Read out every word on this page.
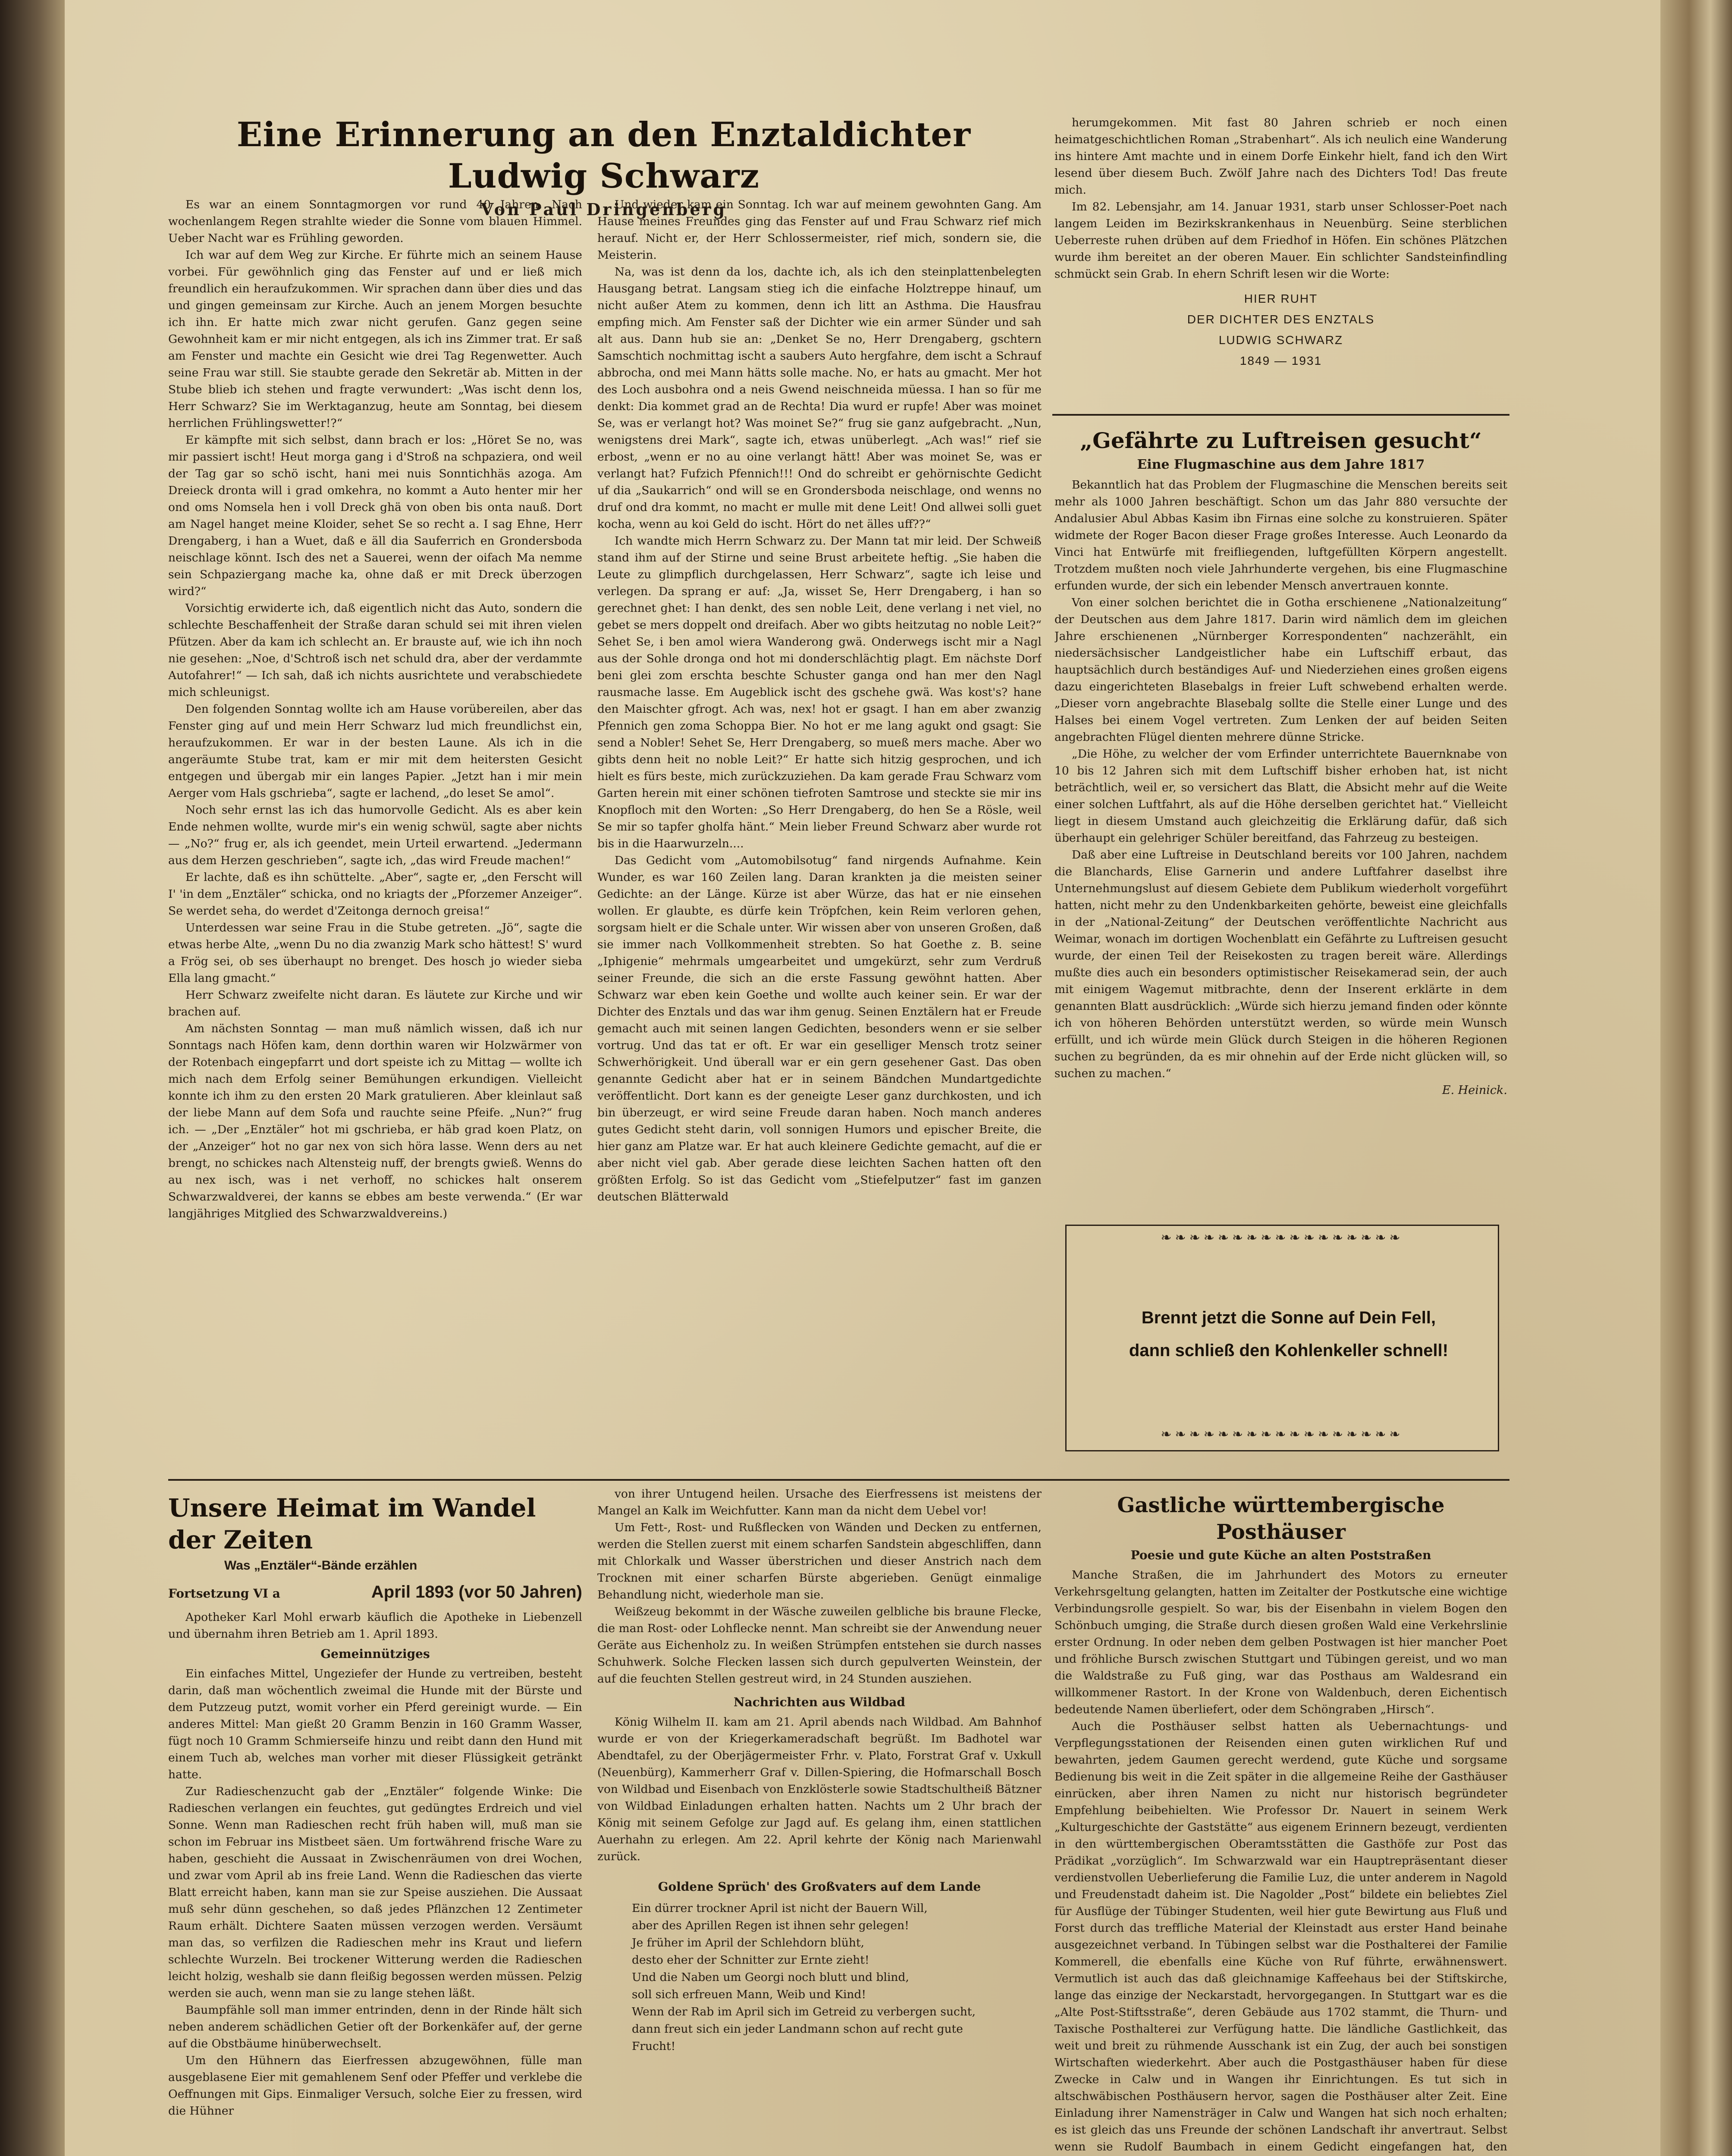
Eine Erinnerung an den Enztaldichter Ludwig Schwarz
Von Paul Dringenberg

Es war an einem Sonntagmorgen vor rund 40 Jahren. Nach wochenlangem Regen strahlte wieder die Sonne vom blauen Himmel. Ueber Nacht war es Frühling geworden.

Ich war auf dem Weg zur Kirche. Er führte mich an seinem Hause vorbei. Für gewöhnlich ging das Fenster auf und er ließ mich freundlich ein heraufzukommen. Wir sprachen dann über dies und das und gingen gemeinsam zur Kirche. Auch an jenem Morgen besuchte ich ihn. Er hatte mich zwar nicht gerufen. Ganz gegen seine Gewohnheit kam er mir nicht entgegen, als ich ins Zimmer trat. Er saß am Fenster und machte ein Gesicht wie drei Tag Regenwetter. Auch seine Frau war still. Sie staubte gerade den Sekretär ab. Mitten in der Stube blieb ich stehen und fragte verwundert: „Was ischt denn los, Herr Schwarz? Sie im Werktaganzug, heute am Sonntag, bei diesem herrlichen Frühlingswetter!?“

Er kämpfte mit sich selbst, dann brach er los: „Höret Se no, was mir passiert ischt! Heut morga gang i d'Stroß na schpaziera, ond weil der Tag gar so schö ischt, hani mei nuis Sonntichhäs azoga. Am Dreieck dronta will i grad omkehra, no kommt a Auto henter mir her ond oms Nomsela hen i voll Dreck ghä von oben bis onta nauß. Dort am Nagel hanget meine Kloider, sehet Se so recht a. I sag Ehne, Herr Drengaberg, i han a Wuet, daß e äll dia Sauferrich en Grondersboda neischlage könnt. Isch des net a Sauerei, wenn der oifach Ma nemme sein Schpaziergang mache ka, ohne daß er mit Dreck überzogen wird?“

Vorsichtig erwiderte ich, daß eigentlich nicht das Auto, sondern die schlechte Beschaffenheit der Straße daran schuld sei mit ihren vielen Pfützen. Aber da kam ich schlecht an. Er brauste auf, wie ich ihn noch nie gesehen: „Noe, d'Schtroß isch net schuld dra, aber der verdammte Autofahrer!“ — Ich sah, daß ich nichts ausrichtete und verabschiedete mich schleunigst.

Den folgenden Sonntag wollte ich am Hause vorübereilen, aber das Fenster ging auf und mein Herr Schwarz lud mich freundlichst ein, heraufzukommen. Er war in der besten Laune. Als ich in die angeräumte Stube trat, kam er mir mit dem heitersten Gesicht entgegen und übergab mir ein langes Papier. „Jetzt han i mir mein Aerger vom Hals gschrieba“, sagte er lachend, „do leset Se amol“.

Noch sehr ernst las ich das humorvolle Gedicht. Als es aber kein Ende nehmen wollte, wurde mir's ein wenig schwül, sagte aber nichts — „No?“ frug er, als ich geendet, mein Urteil erwartend. „Jedermann aus dem Herzen geschrieben“, sagte ich, „das wird Freude machen!“

Er lachte, daß es ihn schüttelte. „Aber“, sagte er, „den Ferscht will I' 'in dem „Enztäler“ schicka, ond no kriagts der „Pforzemer Anzeiger“. Se werdet seha, do werdet d'Zeitonga dernoch greisa!“

Unterdessen war seine Frau in die Stube getreten. „Jö“, sagte die etwas herbe Alte, „wenn Du no dia zwanzig Mark scho hättest! S' wurd a Frög sei, ob ses überhaupt no brenget. Des hosch jo wieder sieba Ella lang gmacht.“

Herr Schwarz zweifelte nicht daran. Es läutete zur Kirche und wir brachen auf.

Am nächsten Sonntag — man muß nämlich wissen, daß ich nur Sonntags nach Höfen kam, denn dorthin waren wir Holzwärmer von der Rotenbach eingepfarrt und dort speiste ich zu Mittag — wollte ich mich nach dem Erfolg seiner Bemühungen erkundigen. Vielleicht konnte ich ihm zu den ersten 20 Mark gratulieren. Aber kleinlaut saß der liebe Mann auf dem Sofa und rauchte seine Pfeife. „Nun?“ frug ich. — „Der „Enztäler“ hot mi gschrieba, er häb grad koen Platz, on der „Anzeiger“ hot no gar nex von sich höra lasse. Wenn ders au net brengt, no schickes nach Altensteig nuff, der brengts gwieß. Wenns do au nex isch, was i net verhoff, no schickes halt onserem Schwarzwaldverei, der kanns se ebbes am beste verwenda.“ (Er war langjähriges Mitglied des Schwarzwaldvereins.)

Und wieder kam ein Sonntag. Ich war auf meinem gewohnten Gang. Am Hause meines Freundes ging das Fenster auf und Frau Schwarz rief mich herauf. Nicht er, der Herr Schlossermeister, rief mich, sondern sie, die Meisterin.

Na, was ist denn da los, dachte ich, als ich den steinplattenbelegten Hausgang betrat. Langsam stieg ich die einfache Holztreppe hinauf, um nicht außer Atem zu kommen, denn ich litt an Asthma. Die Hausfrau empfing mich. Am Fenster saß der Dichter wie ein armer Sünder und sah alt aus. Dann hub sie an: „Denket Se no, Herr Drengaberg, gschtern Samschtich nochmittag ischt a saubers Auto hergfahre, dem ischt a Schrauf abbrocha, ond mei Mann hätts solle mache. No, er hats au gmacht. Mer hot des Loch ausbohra ond a neis Gwend neischneida müessa. I han so für me denkt: Dia kommet grad an de Rechta! Dia wurd er rupfe! Aber was moinet Se, was er verlangt hot? Was moinet Se?“ frug sie ganz aufgebracht. „Nun, wenigstens drei Mark“, sagte ich, etwas unüberlegt. „Ach was!“ rief sie erbost, „wenn er no au oine verlangt hätt! Aber was moinet Se, was er verlangt hat? Fufzich Pfennich!!! Ond do schreibt er gehörnischte Gedicht uf dia „Saukarrich“ ond will se en Grondersboda neischlage, ond wenns no druf ond dra kommt, no macht er mulle mit dene Leit! Ond allwei solli guet kocha, wenn au koi Geld do ischt. Hört do net älles uff??“

Ich wandte mich Herrn Schwarz zu. Der Mann tat mir leid. Der Schweiß stand ihm auf der Stirne und seine Brust arbeitete heftig. „Sie haben die Leute zu glimpflich durchgelassen, Herr Schwarz“, sagte ich leise und verlegen. Da sprang er auf: „Ja, wisset Se, Herr Drengaberg, i han so gerechnet ghet: I han denkt, des sen noble Leit, dene verlang i net viel, no gebet se mers doppelt ond dreifach. Aber wo gibts heitzutag no noble Leit?“ Sehet Se, i ben amol wiera Wanderong gwä. Onderwegs ischt mir a Nagl aus der Sohle dronga ond hot mi donderschlächtig plagt. Em nächste Dorf beni glei zom erschta beschte Schuster ganga ond han mer den Nagl rausmache lasse. Em Augeblick ischt des gschehe gwä. Was kost's? hane den Maischter gfrogt. Ach was, nex! hot er gsagt. I han em aber zwanzig Pfennich gen zoma Schoppa Bier. No hot er me lang agukt ond gsagt: Sie send a Nobler! Sehet Se, Herr Drengaberg, so mueß mers mache. Aber wo gibts denn heit no noble Leit?“ Er hatte sich hitzig gesprochen, und ich hielt es fürs beste, mich zurückzuziehen. Da kam gerade Frau Schwarz vom Garten herein mit einer schönen tiefroten Samtrose und steckte sie mir ins Knopfloch mit den Worten: „So Herr Drengaberg, do hen Se a Rösle, weil Se mir so tapfer gholfa hänt.“ Mein lieber Freund Schwarz aber wurde rot bis in die Haarwurzeln....

Das Gedicht vom „Automobilsotug“ fand nirgends Aufnahme. Kein Wunder, es war 160 Zeilen lang. Daran krankten ja die meisten seiner Gedichte: an der Länge. Kürze ist aber Würze, das hat er nie einsehen wollen. Er glaubte, es dürfe kein Tröpfchen, kein Reim verloren gehen, sorgsam hielt er die Schale unter. Wir wissen aber von unseren Großen, daß sie immer nach Vollkommenheit strebten. So hat Goethe z. B. seine „Iphigenie“ mehrmals umgearbeitet und umgekürzt, sehr zum Verdruß seiner Freunde, die sich an die erste Fassung gewöhnt hatten. Aber Schwarz war eben kein Goethe und wollte auch keiner sein. Er war der Dichter des Enztals und das war ihm genug. Seinen Enztälern hat er Freude gemacht auch mit seinen langen Gedichten, besonders wenn er sie selber vortrug. Und das tat er oft. Er war ein geselliger Mensch trotz seiner Schwerhörigkeit. Und überall war er ein gern gesehener Gast. Das oben genannte Gedicht aber hat er in seinem Bändchen Mundartgedichte veröffentlicht. Dort kann es der geneigte Leser ganz durchkosten, und ich bin überzeugt, er wird seine Freude daran haben. Noch manch anderes gutes Gedicht steht darin, voll sonnigen Humors und epischer Breite, die hier ganz am Platze war. Er hat auch kleinere Gedichte gemacht, auf die er aber nicht viel gab. Aber gerade diese leichten Sachen hatten oft den größten Erfolg. So ist das Gedicht vom „Stiefelputzer“ fast im ganzen deutschen Blätterwald

herumgekommen. Mit fast 80 Jahren schrieb er noch einen heimatgeschichtlichen Roman „Strabenhart“. Als ich neulich eine Wanderung ins hintere Amt machte und in einem Dorfe Einkehr hielt, fand ich den Wirt lesend über diesem Buch. Zwölf Jahre nach des Dichters Tod! Das freute mich.

Im 82. Lebensjahr, am 14. Januar 1931, starb unser Schlosser-Poet nach langem Leiden im Bezirkskrankenhaus in Neuenbürg. Seine sterblichen Ueberreste ruhen drüben auf dem Friedhof in Höfen. Ein schönes Plätzchen wurde ihm bereitet an der oberen Mauer. Ein schlichter Sandsteinfindling schmückt sein Grab. In ehern Schrift lesen wir die Worte:

HIER RUHT
DER DICHTER DES ENZTALS
LUDWIG SCHWARZ
1849 — 1931
„Gefährte zu Luftreisen gesucht“
Eine Flugmaschine aus dem Jahre 1817

Bekanntlich hat das Problem der Flugmaschine die Menschen bereits seit mehr als 1000 Jahren beschäftigt. Schon um das Jahr 880 versuchte der Andalusier Abul Abbas Kasim ibn Firnas eine solche zu konstruieren. Später widmete der Roger Bacon dieser Frage großes Interesse. Auch Leonardo da Vinci hat Entwürfe mit freifliegenden, luftgefüllten Körpern angestellt. Trotzdem mußten noch viele Jahrhunderte vergehen, bis eine Flugmaschine erfunden wurde, der sich ein lebender Mensch anvertrauen konnte.

Von einer solchen berichtet die in Gotha erschienene „Nationalzeitung“ der Deutschen aus dem Jahre 1817. Darin wird nämlich dem im gleichen Jahre erschienenen „Nürnberger Korrespondenten“ nachzerählt, ein niedersächsischer Landgeistlicher habe ein Luftschiff erbaut, das hauptsächlich durch beständiges Auf- und Niederziehen eines großen eigens dazu eingerichteten Blasebalgs in freier Luft schwebend erhalten werde. „Dieser vorn angebrachte Blasebalg sollte die Stelle einer Lunge und des Halses bei einem Vogel vertreten. Zum Lenken der auf beiden Seiten angebrachten Flügel dienten mehrere dünne Stricke.

„Die Höhe, zu welcher der vom Erfinder unterrichtete Bauernknabe von 10 bis 12 Jahren sich mit dem Luftschiff bisher erhoben hat, ist nicht beträchtlich, weil er, so versichert das Blatt, die Absicht mehr auf die Weite einer solchen Luftfahrt, als auf die Höhe derselben gerichtet hat.“ Vielleicht liegt in diesem Umstand auch gleichzeitig die Erklärung dafür, daß sich überhaupt ein gelehriger Schüler bereitfand, das Fahrzeug zu besteigen.

Daß aber eine Luftreise in Deutschland bereits vor 100 Jahren, nachdem die Blanchards, Elise Garnerin und andere Luftfahrer daselbst ihre Unternehmungslust auf diesem Gebiete dem Publikum wiederholt vorgeführt hatten, nicht mehr zu den Undenkbarkeiten gehörte, beweist eine gleichfalls in der „National-Zeitung“ der Deutschen veröffentlichte Nachricht aus Weimar, wonach im dortigen Wochenblatt ein Gefährte zu Luftreisen gesucht wurde, der einen Teil der Reisekosten zu tragen bereit wäre. Allerdings mußte dies auch ein besonders optimistischer Reisekamerad sein, der auch mit einigem Wagemut mitbrachte, denn der Inserent erklärte in dem genannten Blatt ausdrücklich: „Würde sich hierzu jemand finden oder könnte ich von höheren Behörden unterstützt werden, so würde mein Wunsch erfüllt, und ich würde mein Glück durch Steigen in die höheren Regionen suchen zu begründen, da es mir ohnehin auf der Erde nicht glücken will, so suchen zu machen.“

E. Heinick.
❧❧❧❧❧❧❧❧❧❧❧❧❧❧❧❧❧
Brennt jetzt die Sonne auf Dein Fell,
dann schließ den Kohlenkeller schnell!
❧❧❧❧❧❧❧❧❧❧❧❧❧❧❧❧❧
Unsere Heimat im Wandel der Zeiten
Was „Enztäler“-Bände erzählen
Fortsetzung VI a	April 1893 (vor 50 Jahren)

Apotheker Karl Mohl erwarb käuflich die Apotheke in Liebenzell und übernahm ihren Betrieb am 1. April 1893.

Gemeinnütziges

Ein einfaches Mittel, Ungeziefer der Hunde zu vertreiben, besteht darin, daß man wöchentlich zweimal die Hunde mit der Bürste und dem Putzzeug putzt, womit vorher ein Pferd gereinigt wurde. — Ein anderes Mittel: Man gießt 20 Gramm Benzin in 160 Gramm Wasser, fügt noch 10 Gramm Schmierseife hinzu und reibt dann den Hund mit einem Tuch ab, welches man vorher mit dieser Flüssigkeit getränkt hatte.

Zur Radieschenzucht gab der „Enztäler“ folgende Winke: Die Radieschen verlangen ein feuchtes, gut gedüngtes Erdreich und viel Sonne. Wenn man Radieschen recht früh haben will, muß man sie schon im Februar ins Mistbeet säen. Um fortwährend frische Ware zu haben, geschieht die Aussaat in Zwischenräumen von drei Wochen, und zwar vom April ab ins freie Land. Wenn die Radieschen das vierte Blatt erreicht haben, kann man sie zur Speise ausziehen. Die Aussaat muß sehr dünn geschehen, so daß jedes Pflänzchen 12 Zentimeter Raum erhält. Dichtere Saaten müssen verzogen werden. Versäumt man das, so verfilzen die Radieschen mehr ins Kraut und liefern schlechte Wurzeln. Bei trockener Witterung werden die Radieschen leicht holzig, weshalb sie dann fleißig begossen werden müssen. Pelzig werden sie auch, wenn man sie zu lange stehen läßt.

Baumpfähle soll man immer entrinden, denn in der Rinde hält sich neben anderem schädlichen Getier oft der Borkenkäfer auf, der gerne auf die Obstbäume hinüberwechselt.

Um den Hühnern das Eierfressen abzugewöhnen, fülle man ausgeblasene Eier mit gemahlenem Senf oder Pfeffer und verklebe die Oeffnungen mit Gips. Einmaliger Versuch, solche Eier zu fressen, wird die Hühner

von ihrer Untugend heilen. Ursache des Eierfressens ist meistens der Mangel an Kalk im Weichfutter. Kann man da nicht dem Uebel vor!

Um Fett-, Rost- und Rußflecken von Wänden und Decken zu entfernen, werden die Stellen zuerst mit einem scharfen Sandstein abgeschliffen, dann mit Chlorkalk und Wasser überstrichen und dieser Anstrich nach dem Trocknen mit einer scharfen Bürste abgerieben. Genügt einmalige Behandlung nicht, wiederhole man sie.

Weißzeug bekommt in der Wäsche zuweilen gelbliche bis braune Flecke, die man Rost- oder Lohflecke nennt. Man schreibt sie der Anwendung neuer Geräte aus Eichenholz zu. In weißen Strümpfen entstehen sie durch nasses Schuhwerk. Solche Flecken lassen sich durch gepulverten Weinstein, der auf die feuchten Stellen gestreut wird, in 24 Stunden ausziehen.

Nachrichten aus Wildbad

König Wilhelm II. kam am 21. April abends nach Wildbad. Am Bahnhof wurde er von der Kriegerkameradschaft begrüßt. Im Badhotel war Abendtafel, zu der Oberjägermeister Frhr. v. Plato, Forstrat Graf v. Uxkull (Neuenbürg), Kammerherr Graf v. Dillen-Spiering, die Hofmarschall Bosch von Wildbad und Eisenbach von Enzklösterle sowie Stadtschultheiß Bätzner von Wildbad Einladungen erhalten hatten. Nachts um 2 Uhr brach der König mit seinem Gefolge zur Jagd auf. Es gelang ihm, einen stattlichen Auerhahn zu erlegen. Am 22. April kehrte der König nach Marienwahl zurück.

Goldene Sprüch' des Großvaters auf dem Lande
Ein dürrer trockner April ist nicht der Bauern Will,
aber des Aprillen Regen ist ihnen sehr gelegen!
Je früher im April der Schlehdorn blüht,
desto eher der Schnitter zur Ernte zieht!
Und die Naben um Georgi noch blutt und blind,
soll sich erfreuen Mann, Weib und Kind!
Wenn der Rab im April sich im Getreid zu verbergen sucht,
dann freut sich ein jeder Landmann schon auf recht gute
Frucht!
Gastliche württembergische Posthäuser
Poesie und gute Küche an alten Poststraßen

Manche Straßen, die im Jahrhundert des Motors zu erneuter Verkehrsgeltung gelangten, hatten im Zeitalter der Postkutsche eine wichtige Verbindungsrolle gespielt. So war, bis der Eisenbahn in vielem Bogen den Schönbuch umging, die Straße durch diesen großen Wald eine Verkehrslinie erster Ordnung. In oder neben dem gelben Postwagen ist hier mancher Poet und fröhliche Bursch zwischen Stuttgart und Tübingen gereist, und wo man die Waldstraße zu Fuß ging, war das Posthaus am Waldesrand ein willkommener Rastort. In der Krone von Waldenbuch, deren Eichentisch bedeutende Namen überliefert, oder dem Schöngraben „Hirsch“.

Auch die Posthäuser selbst hatten als Uebernachtungs- und Verpflegungsstationen der Reisenden einen guten wirklichen Ruf und bewahrten, jedem Gaumen gerecht werdend, gute Küche und sorgsame Bedienung bis weit in die Zeit später in die allgemeine Reihe der Gasthäuser einrücken, aber ihren Namen zu nicht nur historisch begründeter Empfehlung beibehielten. Wie Professor Dr. Nauert in seinem Werk „Kulturgeschichte der Gaststätte“ aus eigenem Erinnern bezeugt, verdienten in den württembergischen Oberamtsstätten die Gasthöfe zur Post das Prädikat „vorzüglich“. Im Schwarzwald war ein Hauptrepräsentant dieser verdienstvollen Ueberlieferung die Familie Luz, die unter anderem in Nagold und Freudenstadt daheim ist. Die Nagolder „Post“ bildete ein beliebtes Ziel für Ausflüge der Tübinger Studenten, weil hier gute Bewirtung aus Fluß und Forst durch das treffliche Material der Kleinstadt aus erster Hand beinahe ausgezeichnet verband. In Tübingen selbst war die Posthalterei der Familie Kommerell, die ebenfalls eine Küche von Ruf führte, erwähnenswert. Vermutlich ist auch das daß gleichnamige Kaffeehaus bei der Stiftskirche, lange das einzige der Neckarstadt, hervorgegangen. In Stuttgart war es die „Alte Post-Stiftsstraße“, deren Gebäude aus 1702 stammt, die Thurn- und Taxische Posthalterei zur Verfügung hatte. Die ländliche Gastlichkeit, das weit und breit zu rühmende Ausschank ist ein Zug, der auch bei sonstigen Wirtschaften wiederkehrt. Aber auch die Postgasthäuser haben für diese Zwecke in Calw und in Wangen ihr Einrichtungen. Es tut sich in altschwäbischen Posthäusern hervor, sagen die Posthäuser alter Zeit. Eine Einladung ihrer Namensträger in Calw und Wangen hat sich noch erhalten; es ist gleich das uns Freunde der schönen Landschaft ihr anvertraut. Selbst wenn sie Rudolf Baumbach in einem Gedicht eingefangen hat, den
